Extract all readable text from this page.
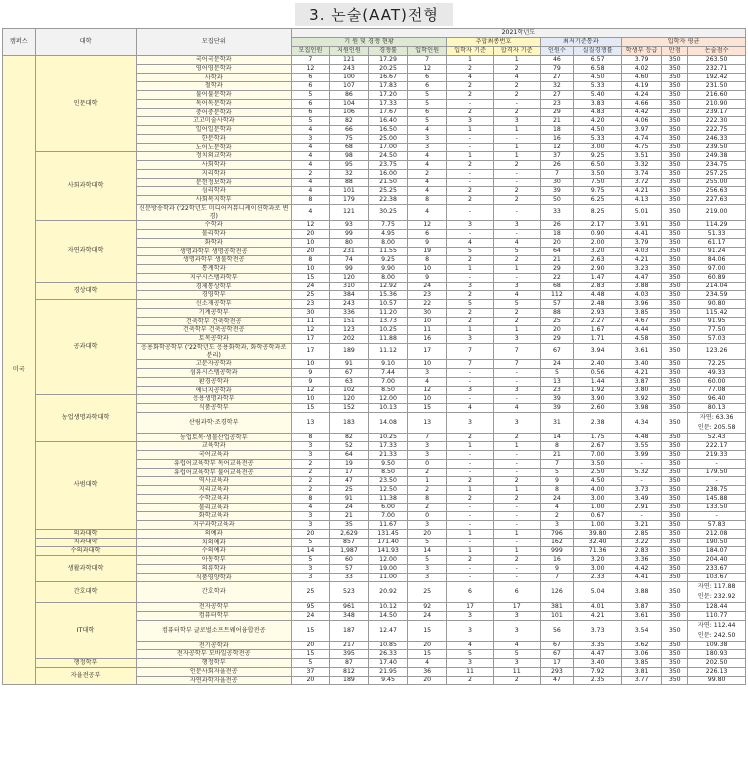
3. 논술(AAT)전형
캠퍼스	대학	모집단위	2021학년도										
			기 원 및 경쟁 현황				추합최종번호		최저기준통과		입학자 평균		
			모집인원	지원인원	경쟁률	입학인원	입학자 기준	합격자 기준	인원수	실질경쟁률	학생부 등급	만점	논술점수
미국	인문대학	국어국문학과	7	121	17.29	7	1	1	46	6.57	3.79	350	263.50

		영어영문학과	12	243	20.25	12	2	2	79	6.58	4.02	350	232.71

		사학과	6	100	16.67	6	4	4	27	4.50	4.60	350	192.42

		철학과	6	107	17.83	6	2	2	32	5.33	4.19	350	231.50

		불어불문학과	5	86	17.20	5	2	2	27	5.40	4.24	350	216.60

		독어독문학과	6	104	17.33	5	-	-	23	3.83	4.66	350	210.90

		중어중문학과	6	106	17.67	6	2	2	29	4.83	4.42	350	239.17

		고고미술사학과	5	82	16.40	5	3	3	21	4.20	4.06	350	222.30

		일어일문학과	4	66	16.50	4	1	1	18	4.50	3.97	350	222.75

		한문학과	3	75	25.00	3	-	-	16	5.33	4.74	350	246.33

		노어노문학과	4	68	17.00	3	-	1	12	3.00	4.75	350	239.50
	사회과학대학	정치외교학과	4	98	24.50	4	1	1	37	9.25	3.51	350	249.38

		사회학과	4	95	23.75	4	2	2	26	6.50	3.32	350	234.75

		지리학과	2	32	16.00	2	-	-	7	3.50	3.74	350	257.25

		문헌정보학과	4	88	21.50	4	-	-	30	7.50	3.72	350	255.00

		심리학과	4	101	25.25	4	2	2	39	9.75	4.21	350	256.63

		사회복지학부	8	179	22.38	8	2	2	50	6.25	4.13	350	227.63

		신문방송학과 ('22학년도 미디어커뮤니케이션학과로 변경)	4	121	30.25	4	-	-	33	8.25	5.01	350	219.00
	자연과학대학	수학과	12	93	7.75	12	3	3	26	2.17	3.91	350	114.29

		물리학과	20	99	4.95	6	-	-	18	0.90	4.41	350	51.33

		화학과	10	80	8.00	9	4	4	20	2.00	3.79	350	61.17

		생명과학부 생명공학전공	20	231	11.55	19	5	5	64	3.20	4.03	350	91.24

		생명과학부 생물학전공	8	74	9.25	8	2	2	21	2.63	4.21	350	84.06

		통계학과	10	99	9.90	10	1	1	29	2.90	3.23	350	97.00

		지구시스템과학부	15	120	8.00	9	-	-	22	1.47	4.47	350	60.89
	경상대학	경제통상학부	24	310	12.92	24	3	3	68	2.83	3.88	350	214.04

		경영학부	25	384	15.36	23	2	4	112	4.48	4.03	350	234.59
	공과대학	신소재공학부	23	243	10.57	22	5	5	57	2.48	3.96	350	90.80

		기계공학부	30	336	11.20	30	2	2	88	2.93	3.85	350	115.42

		건축학부 건축학전공	11	151	13.73	10	2	2	25	2.27	4.67	350	91.95

		건축학부 건축공학전공	12	123	10.25	11	1	1	20	1.67	4.44	350	77.50

		토목공학과	17	202	11.88	16	3	3	29	1.71	4.58	350	57.03

		응용화학공학부 ('22학년도 응용화학과, 화학공학과로 분리)	17	189	11.12	17	7	7	67	3.94	3.61	350	123.26

		고분자공학과	10	91	9.10	10	7	7	24	2.40	3.40	350	72.25

		섬유시스템공학과	9	67	7.44	3	-	-	5	0.56	4.21	350	49.33

		환경공학과	9	63	7.00	4	-	-	13	1.44	3.87	350	60.00

		에너지공학과	12	102	8.50	12	3	3	23	1.92	3.80	350	77.08
	농업생명과학대학	응용생명과학부	10	120	12.00	10	-	-	39	3.90	3.92	350	96.40

		식품공학부	15	152	10.13	15	4	4	39	2.60	3.98	350	80.13

		산림과학·조경학부	13	183	14.08	13	3	3	31	2.38	4.34	350	자연: 63.36
인문: 205.58

		농업토목·생물산업공학부	8	82	10.25	7	2	2	14	1.75	4.48	350	52.43
	사범대학	교육학과	3	52	17.33	3	1	1	8	2.67	3.55	350	222.17

		국어교육과	3	64	21.33	3	-	-	21	7.00	3.99	350	219.33

		유럽어교육학부 독어교육전공	2	19	9.50	0	-	-	7	3.50	-	350	-

		유럽어교육학부 불어교육전공	2	17	8.50	2	-	-	5	2.50	5.32	350	179.50

		역사교육과	2	47	23.50	1	2	2	9	4.50	-	350	-

		지리교육과	2	25	12.50	2	1	1	8	4.00	3.73	350	238.75

		수학교육과	8	91	11.38	8	2	2	24	3.00	3.49	350	145.88

		물리교육과	4	24	6.00	2	-	-	4	1.00	2.91	350	133.50

		화학교육과	3	21	7.00	0	-	-	2	0.67	-	350	-

		지구과학교육과	3	35	11.67	3	-	-	3	1.00	3.21	350	57.83
	의과대학	의예과	20	2,629	131.45	20	1	1	796	39.80	2.85	350	212.08
	치과대학	치의예과	5	857	171.40	5	-	-	162	32.40	3.22	350	190.50
	수의과대학	수의예과	14	1,987	141.93	14	1	1	999	71.36	2.83	350	184.07
	생활과학대학	아동학부	5	60	12.00	5	2	2	16	3.20	3.36	350	204.40

		의류학과	3	57	19.00	3	-	-	9	3.00	4.42	350	233.67

		식품영양학과	3	33	11.00	3	-	-	7	2.33	4.41	350	103.67
	간호대학	간호학과	25	523	20.92	25	6	6	126	5.04	3.88	350	자연: 117.88
인문: 232.92
	IT대학	전자공학부	95	961	10.12	92	17	17	381	4.01	3.87	350	128.44

		컴퓨터학부	24	348	14.50	24	3	3	101	4.21	3.61	350	110.77

		컴퓨터학부 글로벌소프트웨어융합전공	15	187	12.47	15	3	3	56	3.73	3.54	350	자연: 112.44
인문: 242.50

		전기공학과	20	217	10.85	20	4	4	67	3.35	3.62	350	109.38

		전자공학부 모바일공학전공	15	395	26.33	15	5	5	67	4.47	3.06	350	180.93
	행정학부	행정학부	5	87	17.40	4	3	3	17	3.40	3.85	350	202.50
	자율전공부	인문사회자율전공	37	812	21.95	36	11	11	293	7.92	3.81	350	226.13

		자연과학자율전공	20	189	9.45	20	2	2	47	2.35	3.77	350	99.80
